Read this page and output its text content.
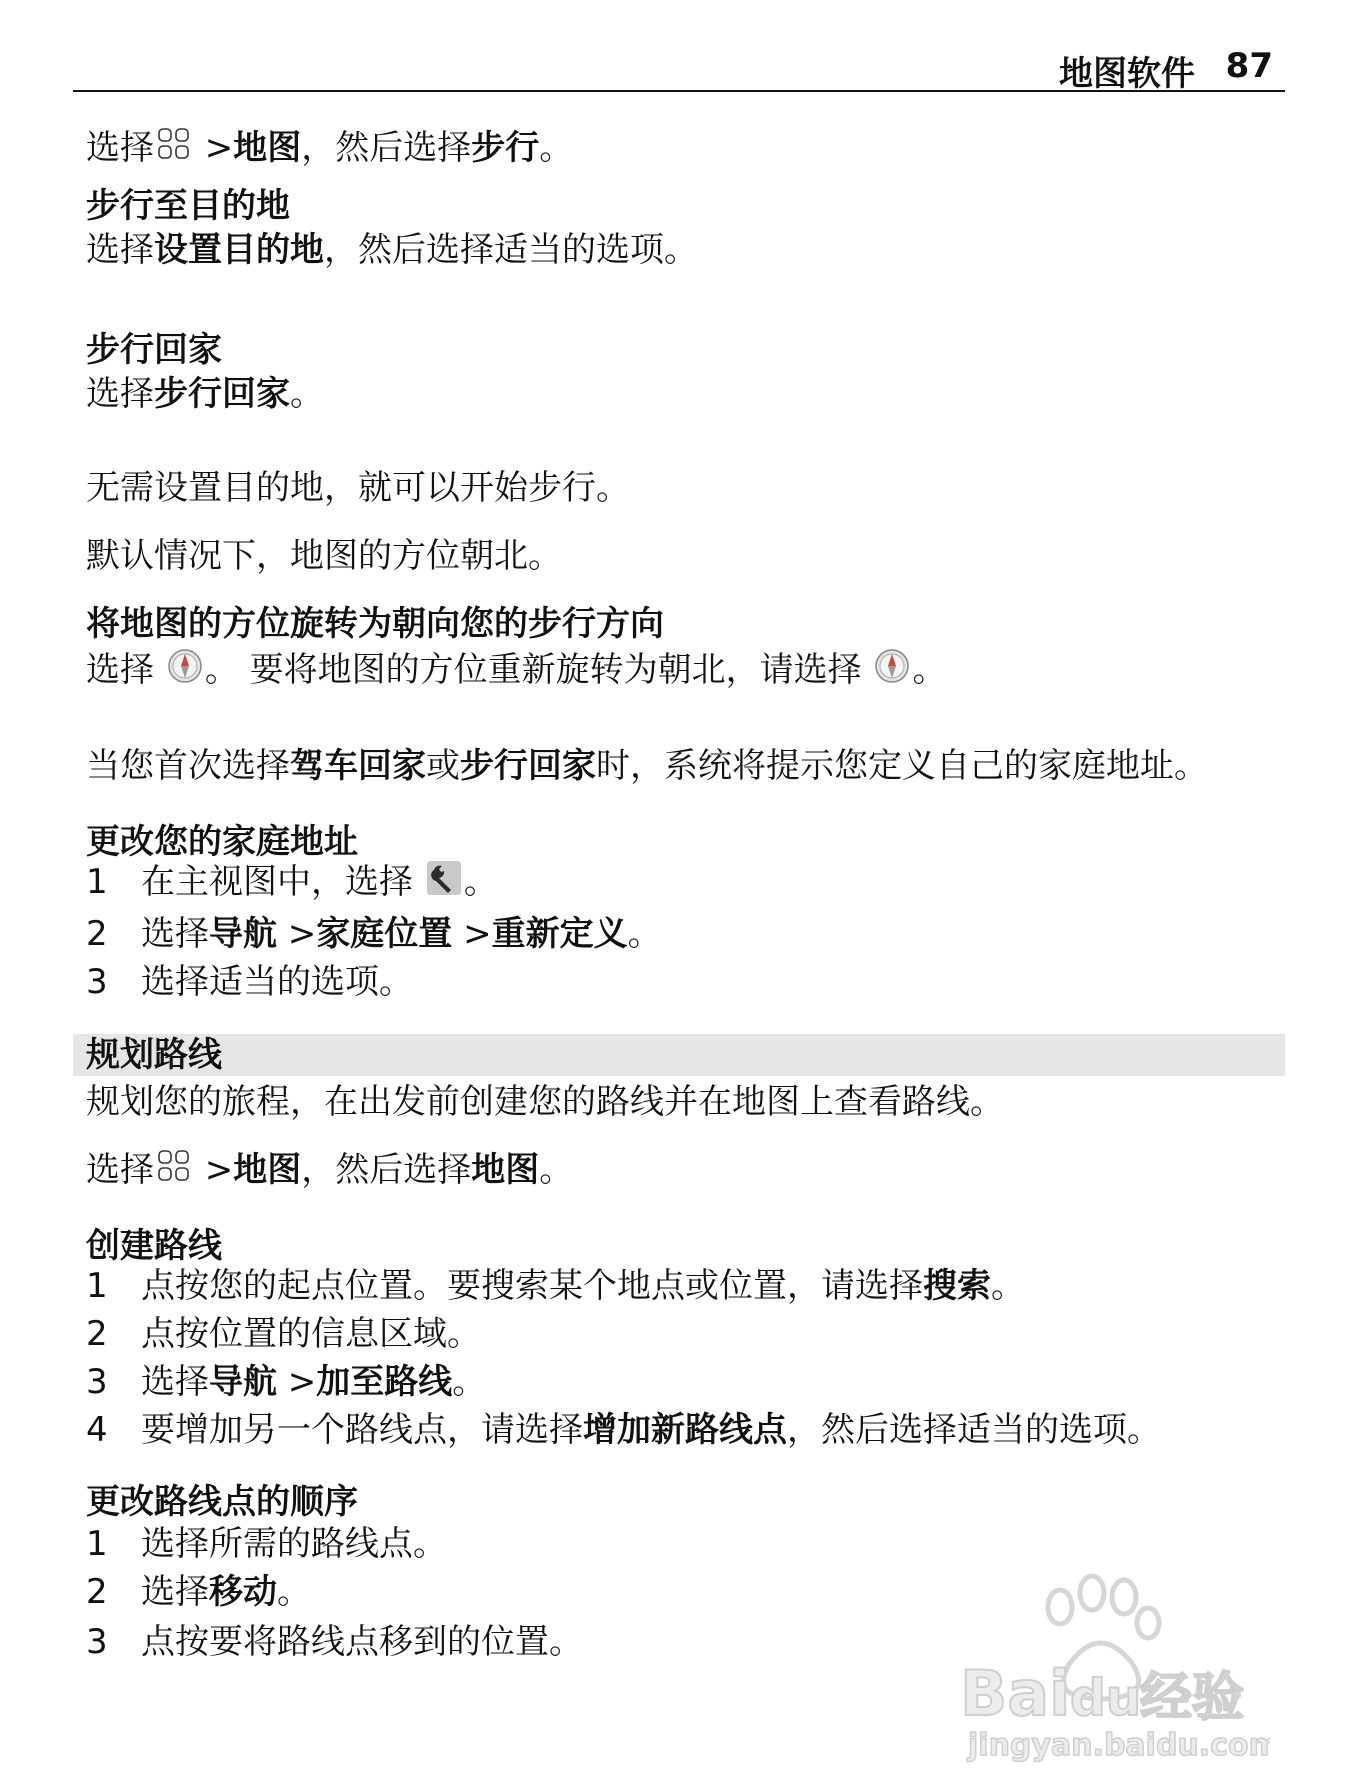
地图软件 87
选择 >地图，然后选择步行。
步行至目的地
选择设置目的地，然后选择适当的选项。
步行回家
选择步行回家。
无需设置目的地，就可以开始步行。
默认情况下，地图的方位朝北。
将地图的方位旋转为朝向您的步行方向
选择 。 要将地图的方位重新旋转为朝北，请选择 。
当您首次选择驾车回家或步行回家时，系统将提示您定义自己的家庭地址。
更改您的家庭地址
1 在主视图中，选择 。
2 选择导航 >家庭位置 >重新定义。
3 选择适当的选项。
规划路线
规划您的旅程，在出发前创建您的路线并在地图上查看路线。
选择 >地图，然后选择地图。
创建路线
1 点按您的起点位置。要搜索某个地点或位置，请选择搜索。
2 点按位置的信息区域。
3 选择导航 >加至路线。
4 要增加另一个路线点，请选择增加新路线点，然后选择适当的选项。
更改路线点的顺序
1 选择所需的路线点。
2 选择移动。
3 点按要将路线点移到的位置。
Bai du
经验
jingyan.baidu.com
